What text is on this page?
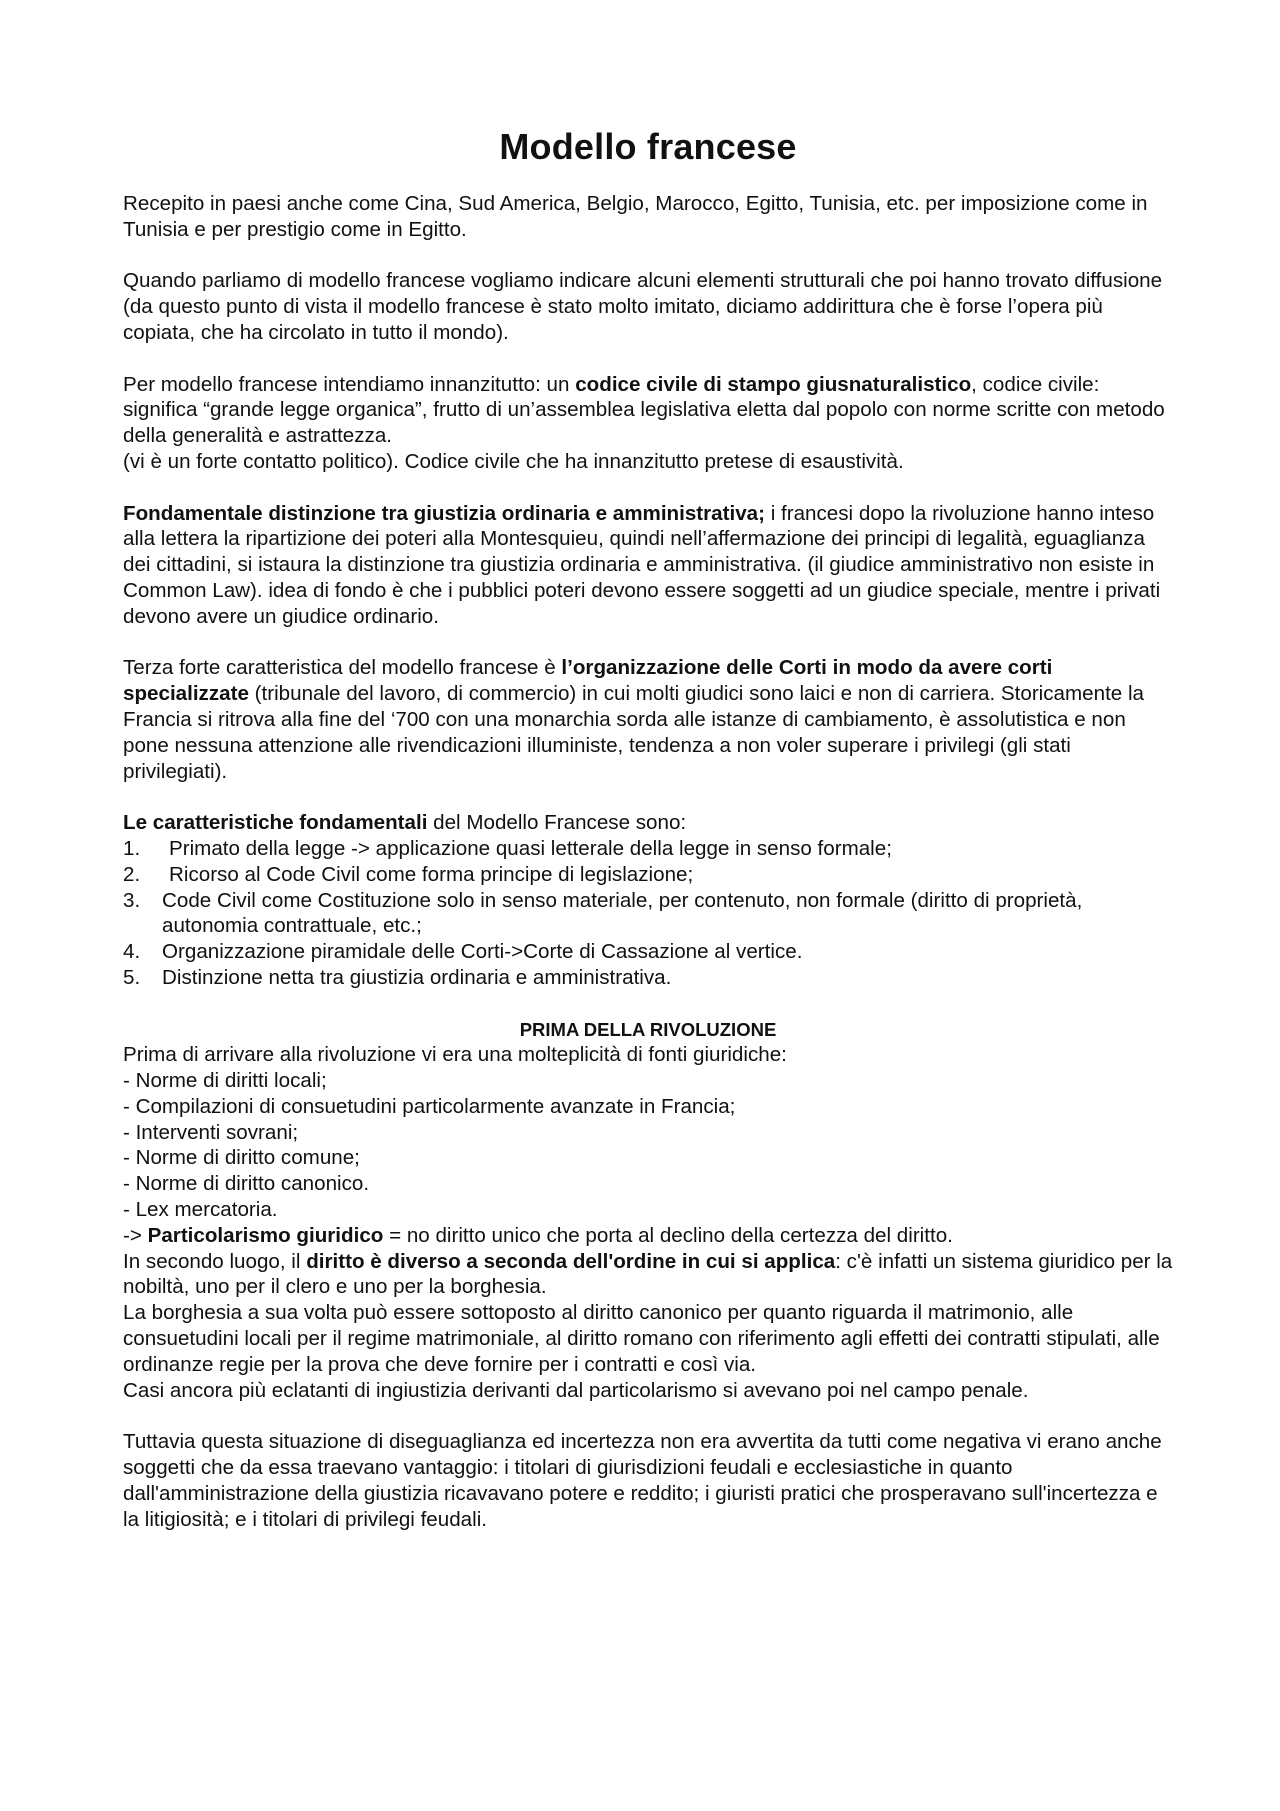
Modello francese

Recepito in paesi anche come Cina, Sud America, Belgio, Marocco, Egitto, Tunisia, etc. per imposizione come in Tunisia e per prestigio come in Egitto.

Quando parliamo di modello francese vogliamo indicare alcuni elementi strutturali che poi hanno trovato diffusione (da questo punto di vista il modello francese è stato molto imitato, diciamo addirittura che è forse l’opera più copiata, che ha circolato in tutto il mondo).

Per modello francese intendiamo innanzitutto: un codice civile di stampo giusnaturalistico, codice civile: significa “grande legge organica”, frutto di un’assemblea legislativa eletta dal popolo con norme scritte con metodo della generalità e astrattezza.

(vi è un forte contatto politico). Codice civile che ha innanzitutto pretese di esaustività.

Fondamentale distinzione tra giustizia ordinaria e amministrativa; i francesi dopo la rivoluzione hanno inteso alla lettera la ripartizione dei poteri alla Montesquieu, quindi nell’affermazione dei principi di legalità, eguaglianza dei cittadini, si istaura la distinzione tra giustizia ordinaria e amministrativa. (il giudice amministrativo non esiste in Common Law). idea di fondo è che i pubblici poteri devono essere soggetti ad un giudice speciale, mentre i privati devono avere un giudice ordinario.

Terza forte caratteristica del modello francese è l’organizzazione delle Corti in modo da avere corti specializzate (tribunale del lavoro, di commercio) in cui molti giudici sono laici e non di carriera. Storicamente la Francia si ritrova alla fine del ‘700 con una monarchia sorda alle istanze di cambiamento, è assolutistica e non pone nessuna attenzione alle rivendicazioni illuministe, tendenza a non voler superare i privilegi (gli stati privilegiati).

Le caratteristiche fondamentali del Modello Francese sono:

1. Primato della legge -> applicazione quasi letterale della legge in senso formale;
2. Ricorso al Code Civil come forma principe di legislazione;
3. Code Civil come Costituzione solo in senso materiale, per contenuto, non formale (diritto di proprietà, autonomia contrattuale, etc.;
4. Organizzazione piramidale delle Corti->Corte di Cassazione al vertice.
5. Distinzione netta tra giustizia ordinaria e amministrativa.

PRIMA DELLA RIVOLUZIONE

Prima di arrivare alla rivoluzione vi era una molteplicità di fonti giuridiche:

- Norme di diritti locali;
- Compilazioni di consuetudini particolarmente avanzate in Francia;
- Interventi sovrani;
- Norme di diritto comune;
- Norme di diritto canonico.
- Lex mercatoria.

-> Particolarismo giuridico = no diritto unico che porta al declino della certezza del diritto.

In secondo luogo, il diritto è diverso a seconda dell'ordine in cui si applica: c'è infatti un sistema giuridico per la nobiltà, uno per il clero e uno per la borghesia.

La borghesia a sua volta può essere sottoposto al diritto canonico per quanto riguarda il matrimonio, alle consuetudini locali per il regime matrimoniale, al diritto romano con riferimento agli effetti dei contratti stipulati, alle ordinanze regie per la prova che deve fornire per i contratti e così via.

Casi ancora più eclatanti di ingiustizia derivanti dal particolarismo si avevano poi nel campo penale.

Tuttavia questa situazione di diseguaglianza ed incertezza non era avvertita da tutti come negativa vi erano anche soggetti che da essa traevano vantaggio: i titolari di giurisdizioni feudali e ecclesiastiche in quanto dall'amministrazione della giustizia ricavavano potere e reddito; i giuristi pratici che prosperavano sull'incertezza e la litigiosità; e i titolari di privilegi feudali.
